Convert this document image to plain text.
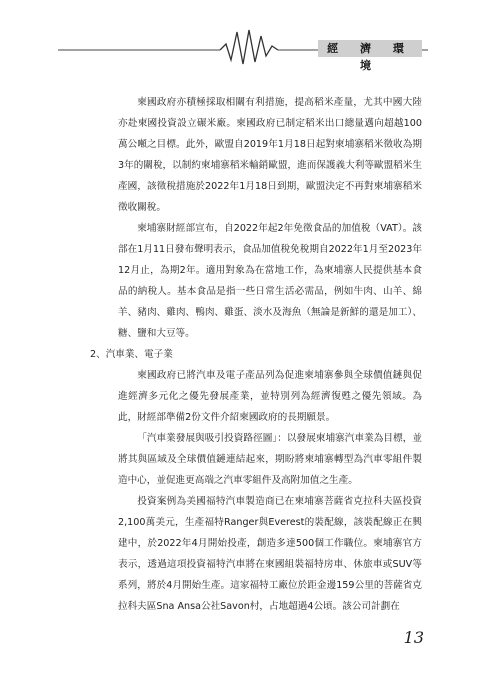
經 濟 環 境

柬國政府亦積極採取相關有利措施，提高稻米產量，尤其中國大陸亦赴柬國投資設立碾米廠。柬國政府已制定稻米出口總量邁向超越100萬公噸之目標。此外，歐盟自2019年1月18日起對柬埔寨稻米徵收為期3年的關稅，以制約柬埔寨稻米輸銷歐盟，進而保護義大利等歐盟稻米生產國，該徵稅措施於2022年1月18日到期，歐盟決定不再對柬埔寨稻米徵收關稅。

柬埔寨財經部宣布，自2022年起2年免徵食品的加值稅（VAT）。該部在1月11日發布聲明表示，食品加值稅免稅期自2022年1月至2023年12月止，為期2年。適用對象為在當地工作，為柬埔寨人民提供基本食品的納稅人。基本食品是指一些日常生活必需品，例如牛肉、山羊、綿羊、豬肉、雞肉、鴨肉、雞蛋、淡水及海魚（無論是新鮮的還是加工）、糖、鹽和大豆等。

2、汽車業、電子業

柬國政府已將汽車及電子產品列為促進柬埔寨參與全球價值鏈與促進經濟多元化之優先發展產業，並特別列為經濟復甦之優先領域。為此，財經部準備2份文件介紹柬國政府的長期願景。

「汽車業發展與吸引投資路徑圖」：以發展柬埔寨汽車業為目標，並將其與區域及全球價值鏈連結起來，期盼將柬埔寨轉型為汽車零組件製造中心，並促進更高端之汽車零組件及高附加值之生產。

投資案例為美國福特汽車製造商已在柬埔寨菩薩省克拉科夫區投資2,100萬美元，生產福特Ranger與Everest的裝配線，該裝配線正在興建中，於2022年4月開始投產，創造多達500個工作職位。柬埔寨官方表示，透過這項投資福特汽車將在柬國組裝福特房車、休旅車或SUV等系列，將於4月開始生產。這家福特工廠位於距金邊159公里的菩薩省克拉科夫區Sna Ansa公社Savon村，占地超過4公頃。該公司計劃在

13
